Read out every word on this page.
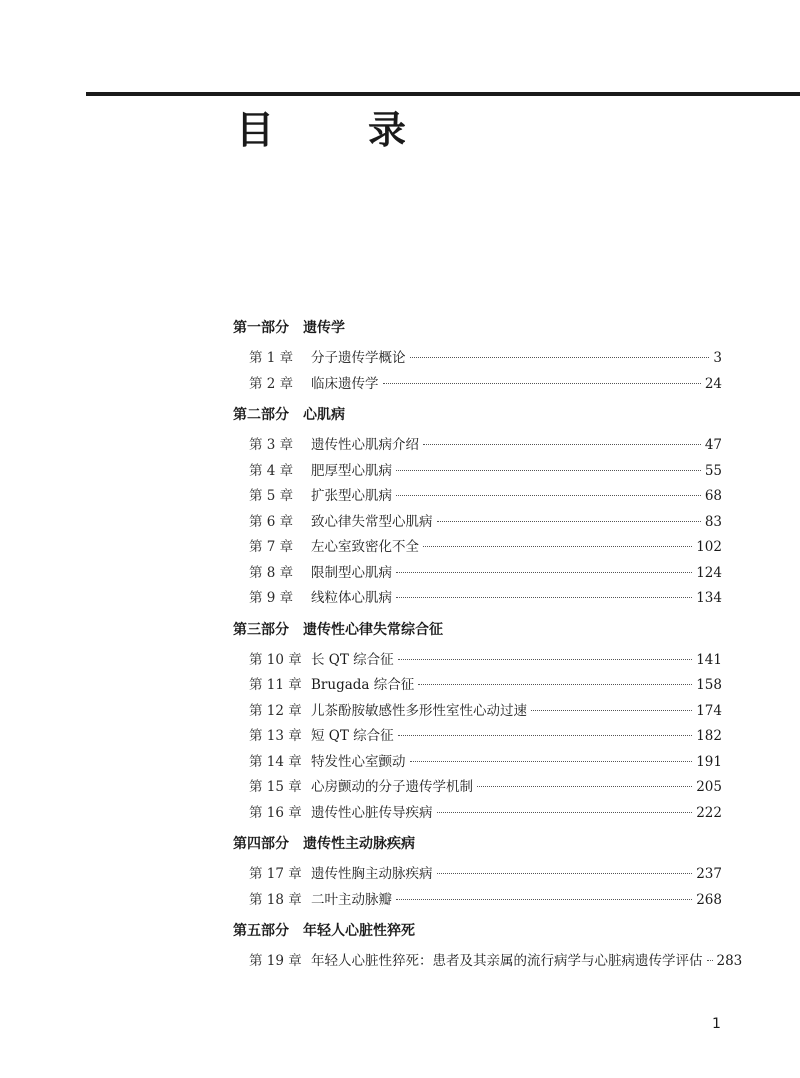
目　录
第一部分 遗传学
第 1 章	分子遗传学概论	3
第 2 章	临床遗传学	24
第二部分 心肌病
第 3 章	遗传性心肌病介绍	47
第 4 章	肥厚型心肌病	55
第 5 章	扩张型心肌病	68
第 6 章	致心律失常型心肌病	83
第 7 章	左心室致密化不全	102
第 8 章	限制型心肌病	124
第 9 章	线粒体心肌病	134
第三部分 遗传性心律失常综合征
第 10 章 长 QT 综合征	141
第 11 章 Brugada 综合征	158
第 12 章 儿茶酚胺敏感性多形性室性心动过速	174
第 13 章 短 QT 综合征	182
第 14 章 特发性心室颤动	191
第 15 章 心房颤动的分子遗传学机制	205
第 16 章 遗传性心脏传导疾病	222
第四部分 遗传性主动脉疾病
第 17 章 遗传性胸主动脉疾病	237
第 18 章 二叶主动脉瓣	268
第五部分 年轻人心脏性猝死
第 19 章 年轻人心脏性猝死：患者及其亲属的流行病学与心脏病遗传学评估 283
1
